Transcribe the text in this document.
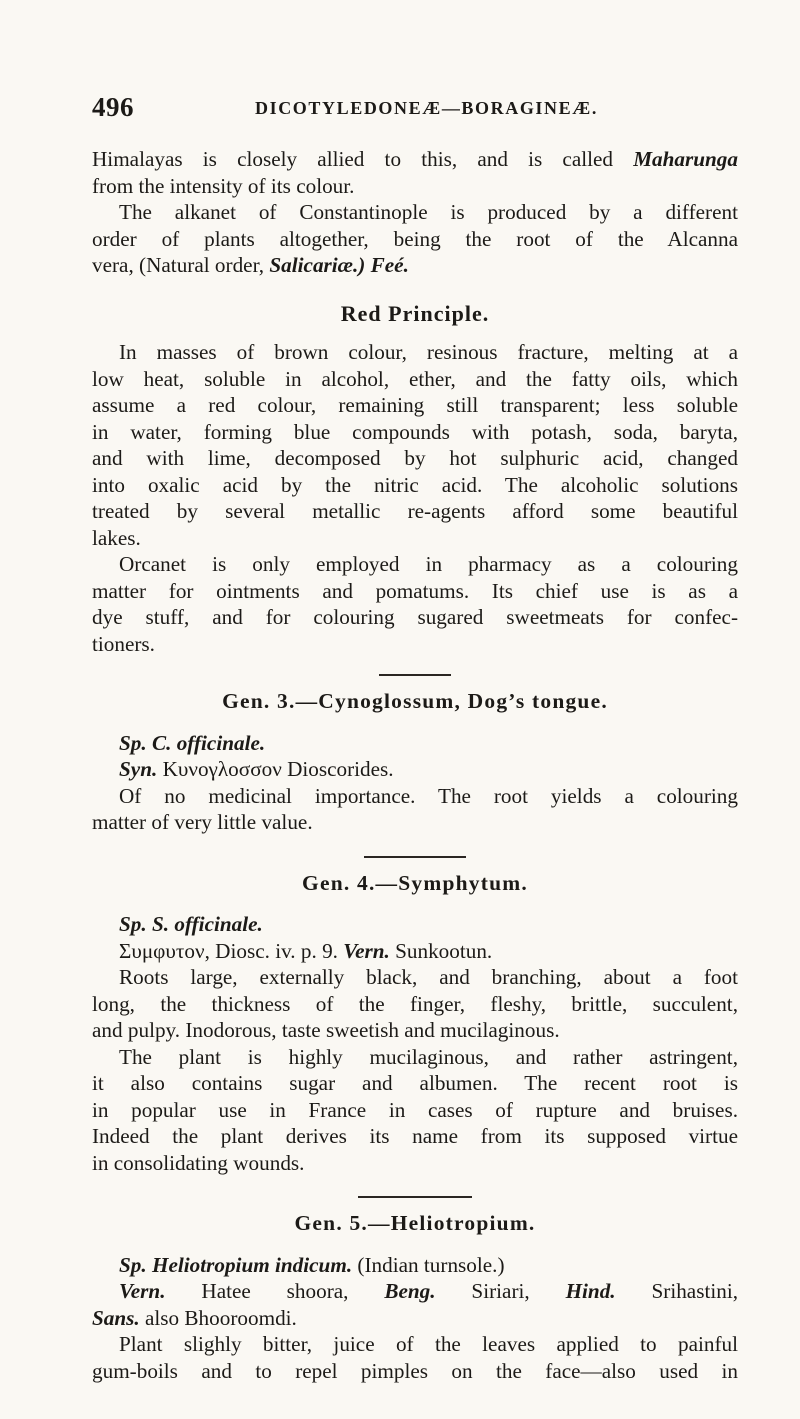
496	DICOTYLEDONEÆ—BORAGINEÆ.
Himalayas is closely allied to this, and is called Maharunga
from the intensity of its colour.
The alkanet of Constantinople is produced by a different
order of plants altogether, being the root of the Alcanna
vera, (Natural order, Salicariæ.) Feé.
Red Principle.
In masses of brown colour, resinous fracture, melting at a
low heat, soluble in alcohol, ether, and the fatty oils, which
assume a red colour, remaining still transparent; less soluble
in water, forming blue compounds with potash, soda, baryta,
and with lime, decomposed by hot sulphuric acid, changed
into oxalic acid by the nitric acid. The alcoholic solutions
treated by several metallic re-agents afford some beautiful
lakes.
Orcanet is only employed in pharmacy as a colouring
matter for ointments and pomatums. Its chief use is as a
dye stuff, and for colouring sugared sweetmeats for confec-
tioners.
Gen. 3.—Cynoglossum, Dog’s tongue.
Sp. C. officinale.
Syn. Κυνογλοσσον Dioscorides.
Of no medicinal importance. The root yields a colouring
matter of very little value.
Gen. 4.—Symphytum.
Sp. S. officinale.
Συμφυτον, Diosc. iv. p. 9. Vern. Sunkootun.
Roots large, externally black, and branching, about a foot
long, the thickness of the finger, fleshy, brittle, succulent,
and pulpy. Inodorous, taste sweetish and mucilaginous.
The plant is highly mucilaginous, and rather astringent,
it also contains sugar and albumen. The recent root is
in popular use in France in cases of rupture and bruises.
Indeed the plant derives its name from its supposed virtue
in consolidating wounds.
Gen. 5.—Heliotropium.
Sp. Heliotropium indicum. (Indian turnsole.)
Vern. Hatee shoora, Beng. Siriari, Hind. Srihastini,
Sans. also Bhooroomdi.
Plant slighly bitter, juice of the leaves applied to painful
gum-boils and to repel pimples on the face—also used in
